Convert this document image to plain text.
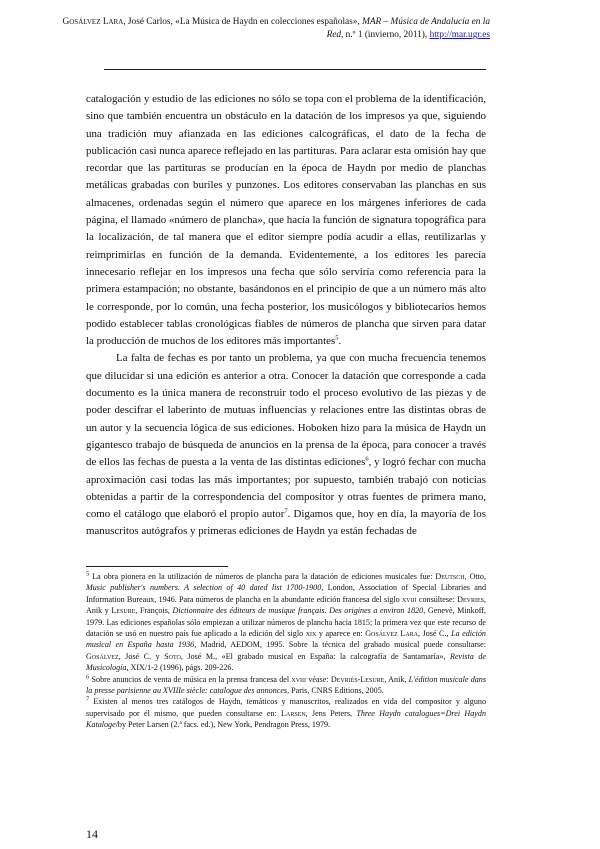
Gosálvez Lara, José Carlos, «La Música de Haydn en colecciones españolas», MAR – Música de Andalucía en la Red, n.º 1 (invierno, 2011), http://mar.ugr.es

catalogación y estudio de las ediciones no sólo se topa con el problema de la identificación, sino que también encuentra un obstáculo en la datación de los impresos ya que, siguiendo una tradición muy afianzada en las ediciones calcográficas, el dato de la fecha de publicación casi nunca aparece reflejado en las partituras. Para aclarar esta omisión hay que recordar que las partituras se producían en la época de Haydn por medio de planchas metálicas grabadas con buriles y punzones. Los editores conservaban las planchas en sus almacenes, ordenadas según el número que aparece en los márgenes inferiores de cada página, el llamado «número de plancha», que hacía la función de signatura topográfica para la localización, de tal manera que el editor siempre podía acudir a ellas, reutilizarlas y reimprimirlas en función de la demanda. Evidentemente, a los editores les parecía innecesario reflejar en los impresos una fecha que sólo serviría como referencia para la primera estampación; no obstante, basándonos en el principio de que a un número más alto le corresponde, por lo común, una fecha posterior, los musicólogos y bibliotecarios hemos podido establecer tablas cronológicas fiables de números de plancha que sirven para datar la producción de muchos de los editores más importantes$^5$.

La falta de fechas es por tanto un problema, ya que con mucha frecuencia tenemos que dilucidar si una edición es anterior a otra. Conocer la datación que corresponde a cada documento es la única manera de reconstruir todo el proceso evolutivo de las piezas y de poder descifrar el laberinto de mutuas influencias y relaciones entre las distintas obras de un autor y la secuencia lógica de sus ediciones. Hoboken hizo para la música de Haydn un gigantesco trabajo de búsqueda de anuncios en la prensa de la época, para conocer a través de ellos las fechas de puesta a la venta de las distintas ediciones$^6$, y logró fechar con mucha aproximación casi todas las más importantes; por supuesto, también trabajó con noticias obtenidas a partir de la correspondencia del compositor y otras fuentes de primera mano, como el catálogo que elaboró el propio autor$^7$. Digamos que, hoy en día, la mayoría de los manuscritos autógrafos y primeras ediciones de Haydn ya están fechadas de

$^5$ La obra pionera en la utilización de números de plancha para la datación de ediciones musicales fue: Deutsch, Otto, Music publisher's numbers. A selection of 40 dated list 1700-1900, London, Association of Special Libraries and Information Bureaux, 1946. Para números de plancha en la abundante edición francesa del siglo xviii consúltese: Devries, Anik y Lesure, François, Dictionnaire des éditeurs de musique français. Des origines a environ 1820, Genevè, Minkoff, 1979. Las ediciones españolas sólo empiezan a utilizar números de plancha hacia 1815; la primera vez que este recurso de datación se usó en nuestro país fue aplicado a la edición del siglo xix y aparece en: Gosálvez Lara, José C., La edición musical en España hasta 1936, Madrid, AEDOM, 1995. Sobre la técnica del grabado musical puede consultarse: Gosálvez, José C. y Soto, José M., «El grabado musical en España: la calcografía de Santamaría», Revista de Musicología, XIX/1-2 (1996), págs. 209-226.

$^6$ Sobre anuncios de venta de música en la prensa francesa del xviii véase: Devriès-Lesure, Anik, L'édition musicale dans la presse parisienne au XVIIIe siècle: catalogue des annonces, Paris, CNRS Editions, 2005.

$^7$ Existen al menos tres catálogos de Haydn, temáticos y manuscritos, realizados en vida del compositor y alguno supervisado por él mismo, que pueden consultarse en: Larsen, Jens Peters, Three Haydn catalogues=Drei Haydn Kataloge/by Peter Larsen (2.ª facs. ed.), New York, Pendragon Press, 1979.

14
